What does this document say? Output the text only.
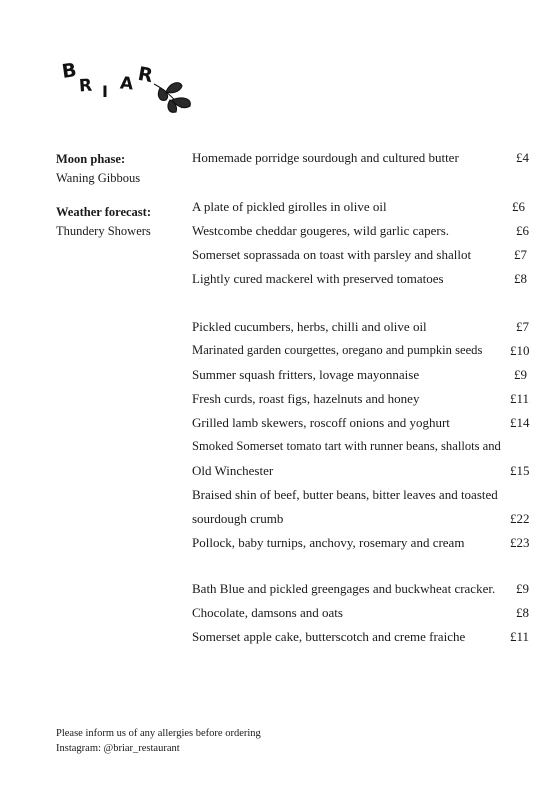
B
R I A R
Moon phase:
Waning Gibbous
Weather forecast:
Thundery Showers
Homemade porridge sourdough and cultured butter	£4
A plate of pickled girolles in olive oil	£6
Westcombe cheddar gougeres, wild garlic capers.	£6
Somerset soprassada on toast with parsley and shallot	£7
Lightly cured mackerel with preserved tomatoes	£8
Pickled cucumbers, herbs, chilli and olive oil	£7
Marinated garden courgettes, oregano and pumpkin seeds £10
Summer squash fritters, lovage mayonnaise	£9
Fresh curds, roast figs, hazelnuts and honey	£11
Grilled lamb skewers, roscoff onions and yoghurt	£14
Smoked Somerset tomato tart with runner beans, shallots and
Old Winchester	£15
Braised shin of beef, butter beans, bitter leaves and toasted
sourdough crumb	£22
Pollock, baby turnips, anchovy, rosemary and cream	£23
Bath Blue and pickled greengages and buckwheat cracker. £9
Chocolate, damsons and oats	£8
Somerset apple cake, butterscotch and creme fraiche	£11
Please inform us of any allergies before ordering
Instagram: @briar_restaurant
